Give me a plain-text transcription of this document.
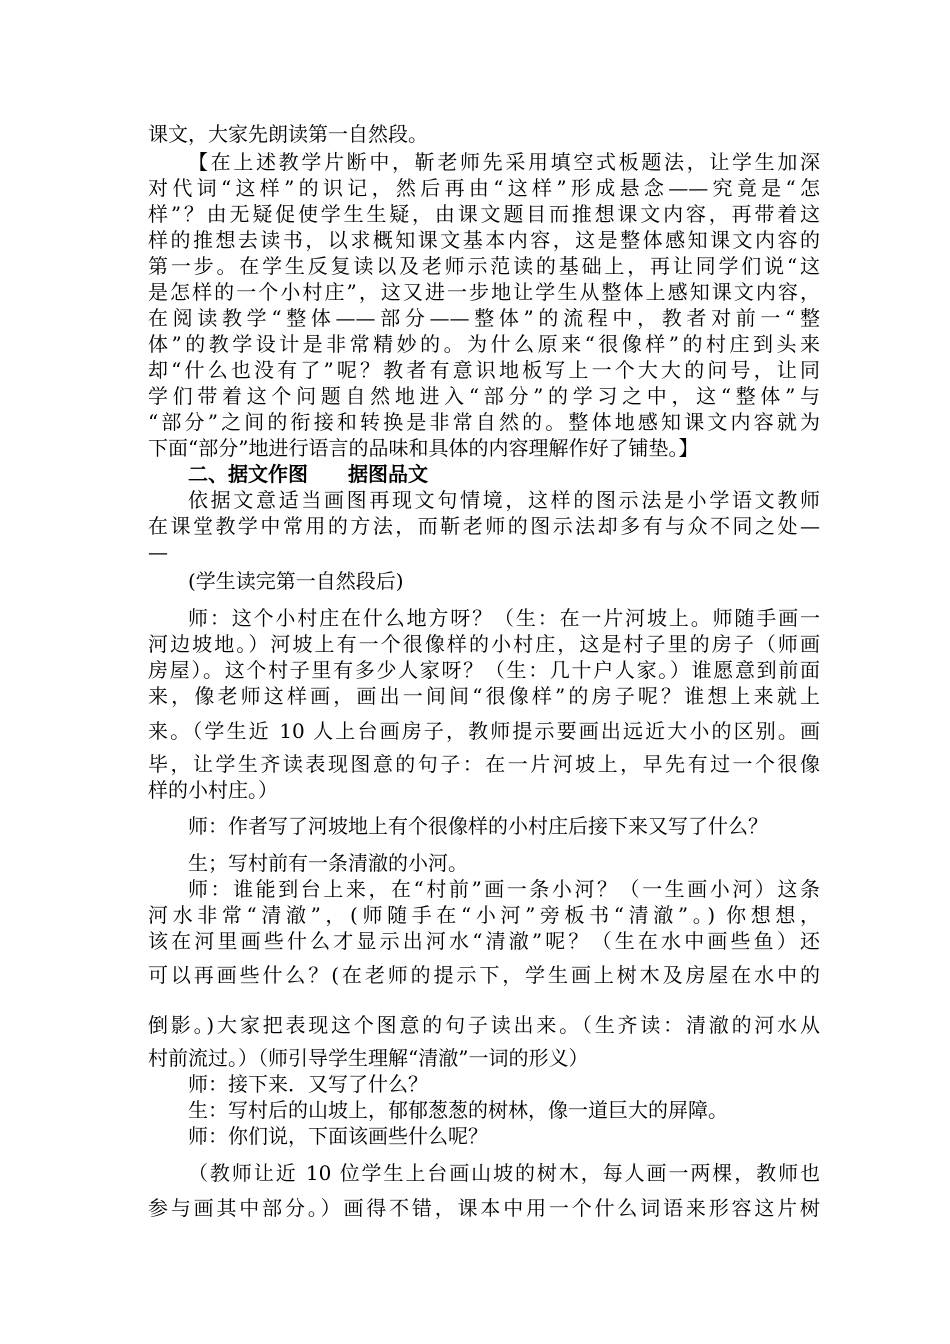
课文，大家先朗读第一自然段。
【在上述教学片断中，靳老师先采用填空式板题法，让学生加深
对代词“这样”的识记，然后再由“这样”形成悬念——究竟是“怎
样”？由无疑促使学生生疑，由课文题目而推想课文内容，再带着这
样的推想去读书，以求概知课文基本内容，这是整体感知课文内容的
第一步。在学生反复读以及老师示范读的基础上，再让同学们说“这
是怎样的一个小村庄”，这又进一步地让学生从整体上感知课文内容，
在阅读教学“整体——部分——整体”的流程中，教者对前一“整
体”的教学设计是非常精妙的。为什么原来“很像样”的村庄到头来
却“什么也没有了”呢？教者有意识地板写上一个大大的问号，让同
学们带着这个问题自然地进入“部分”的学习之中，这“整体”与
“部分”之间的衔接和转换是非常自然的。整体地感知课文内容就为
下面“部分”地进行语言的品味和具体的内容理解作好了铺垫。】
二、据文作图　　据图品文
依据文意适当画图再现文句情境，这样的图示法是小学语文教师
在课堂教学中常用的方法，而靳老师的图示法却多有与众不同之处—
—
(学生读完第一自然段后)
师：这个小村庄在什么地方呀？（生：在一片河坡上。师随手画一
河边坡地。）河坡上有一个很像样的小村庄，这是村子里的房子（师画
房屋）。这个村子里有多少人家呀？（生：几十户人家。）谁愿意到前面
来，像老师这样画，画出一间间“很像样”的房子呢？谁想上来就上
来。（学生近 10 人上台画房子，教师提示要画出远近大小的区别。画
毕，让学生齐读表现图意的句子：在一片河坡上，早先有过一个很像
样的小村庄。）
师：作者写了河坡地上有个很像样的小村庄后接下来又写了什么？
生；写村前有一条清澈的小河。
师：谁能到台上来，在“村前”画一条小河？（一生画小河）这条
河水非常“清澈”，(师随手在“小河”旁板书“清澈”。) 你想想，
该在河里画些什么才显示出河水“清澈”呢？（生在水中画些鱼）还
可以再画些什么？(在老师的提示下，学生画上树木及房屋在水中的
倒影。)大家把表现这个图意的句子读出来。（生齐读：清澈的河水从
村前流过。）（师引导学生理解“清澈”一词的形义）
师：接下来．又写了什么？
生：写村后的山坡上，郁郁葱葱的树林，像一道巨大的屏障。
师：你们说，下面该画些什么呢？
（教师让近 10 位学生上台画山坡的树木，每人画一两棵，教师也
参与画其中部分。）画得不错，课本中用一个什么词语来形容这片树
